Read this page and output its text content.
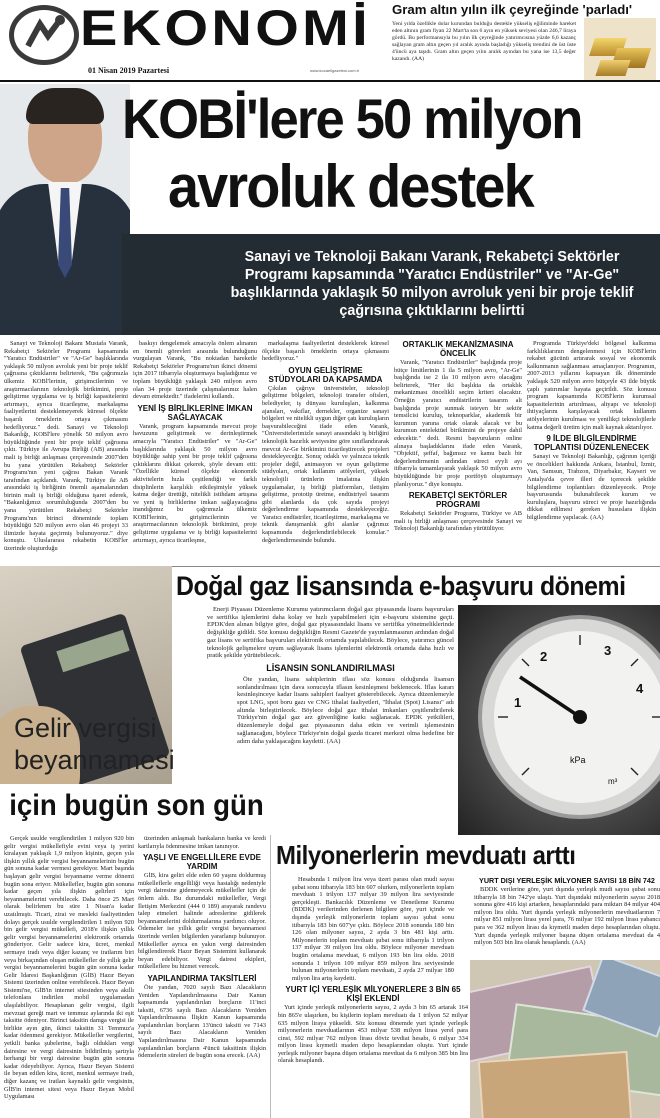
EKONOMİ
01 Nisan 2019 Pazartesi	www.kocaeligazetesi.com.tr
Gram altın yılın ilk çeyreğinde 'parladı'
Yeni yılda özellikle dolar kurundan bulduğu destekle yükseliş eğiliminde hareket eden altının gram fiyatı 22 Mart'ta son 6 ayın en yüksek seviyesi olan 246,7 liraya gördü. Bu performansıyla bu yılın ilk çeyreğinde yatırımcısına yüzde 6,6 kazanç sağlayan gram altın geçen yıl aralık ayında başladığı yükseliş trendini de üst üste 4'üncü aya taşıdı. Gram altın geçen yılın aralık ayından bu yana ise 13,5 değer kazandı. (AA)
KOBİ'lere 50 milyon
avroluk destek
Sanayi ve Teknoloji Bakanı Varank, Rekabetçi Sektörler Programı kapsamında "Yaratıcı Endüstriler" ve "Ar-Ge" başlıklarında yaklaşık 50 milyon avroluk yeni bir proje teklif çağrısına çıktıklarını belirtti

Sanayi ve Teknoloji Bakanı Mustafa Varank, Rekabetçi Sektörler Programı kapsamında "Yaratıcı Endüstriler" ve "Ar-Ge" başlıklarında yaklaşık 50 milyon avroluk yeni bir proje teklif çağrısına çıktıklarını belirterek, "Bu çağrımızla ülkemiz KOBİ'lerinin, girişimcilerinin ve araştırmacılarının teknolojik birikimini, proje geliştirme uygulama ve iş birliği kapasitelerini artırmayı, ayrıca ticarileşme, markalaşma faaliyetlerini desteklemeyerek küresel ölçekte başarılı örneklerin ortaya çıkmasını hedefliyoruz." dedi. Sanayi ve Teknoloji Bakanlığı, KOBİ'lere yönelik 50 milyon avro büyüklüğünde yeni bir proje teklif çağrısına çıktı. Türkiye ile Avrupa Birliği (AB) arasında mali iş birliği anlaşması çerçevesinde 2007'den bu yana yürütülen Rekabetçi Sektörler Programı'nın yeni çağrısı Bakan Varank tarafından açıklandı. Varank, Türkiye ile AB arasındaki iş birliğinin önemli aşamalarından birinin mali iş birliği olduğuna işaret ederek, "Bakanlığımız sorumluluğunda 2007'den bu yana yürütülen Rekabetçi Sektörler Programı'nın birinci döneminde toplam büyüklüğü 520 milyon avro olan 46 projeyi 33 ilimizde hayata geçirmiş bulunuyoruz." diye konuştu. Uluslararası rekabetin KOBİ'ler üzerinde oluşturduğu

baskıyı dengelemek amacıyla önlem alınanın en önemli görevleri arasında bulunduğunu vurgulayan Varank, "Bu noktadan hareketle Rekabetçi Sektörler Programı'nın ikinci dönemi için 2017 itibarıyla oluşturmaya başladığımız ve toplam büyüklüğü yaklaşık 240 milyon avro olan 34 proje üzerinde çalışmalarımız halen devam etmektedir." ifadelerini kullandı.

YENİ İŞ BİRLİKLERİNE İMKAN SAĞLAYACAK

Varank, program kapsamında mevcut proje havuzunu geliştirmek ve derinleştirmek amacıyla "Yaratıcı Endüstriler" ve "Ar-Ge" başlıklarında yaklaşık 50 milyon avro büyüklüğe sahip yeni bir proje teklif çağrısına çıktıklarını dikkat çekerek, şöyle devam etti: "Özellikle küresel ölçekte ekonomik aktivitelerin hızla çeşitlendiği ve farklı disiplinlerin karşılıklı etkileşimiyle yüksek katma değer ürettiği, nitelikli istihdam artışına ve yeni iş birliklerine imkan sağlayacağına inandığımız bu çağrımızla ülkemiz KOBİ'lerinin, girişimcilerinin ve araştırmacılarının teknolojik birikimini, proje geliştirme uygulama ve iş birliği kapasitelerini artırmayı, ayrıca ticarileşme,

markalaşma faaliyetlerini desteklerek küresel ölçekte başarılı örneklerin ortaya çıkmasını hedefliyoruz."

OYUN GELİŞTİRME STÜDYOLARI DA KAPSAMDA

Çıkılan çağrıya üniversiteler, teknoloji geliştirme bölgeleri, teknoloji transfer ofisleri, belediyeler, iş dünyası kuruluşları, kalkınma ajansları, vakıflar, dernekler, organize sanayi bölgeleri ve nitelikli uygun diğer çatı kuruluşların başvurabileceğini ifade eden Varank, "Üniversitelerimizle sanayi arasındaki iş birliğini teknolojik hazırlık seviyesine göre sınıflandırarak mevcut Ar-Ge birikimini ticarileştirecek projeleri destekleyeceğiz. Sonuç odaklı ve yalnızca teknik projeler değil, animasyon ve oyun geliştirme stüdyoları, ortak kullanım atölyeleri, yüksek teknolojili ürünlerin imalatına ilişkin uygulamalar, iş birliği platformları, iletişim geliştirme, prototip üretme, endüstriyel tasarım gibi alanlarda da çok sayıda projeyi değerlendirme kapsamında destekleyeceğiz. Yaratıcı endüstriler, ticarileştirme, markalaşma ve teknik danışmanlık gibi alanlar çağrımız kapsamında değerlendirilebilecek konular." değerlendirmesinde bulundu.

ORTAKLIK MEKANİZMASINA ÖNCELİK

Varank, "Yaratıcı Endüstriler" başlığında proje bütçe limitlerinin 1 ila 5 milyon avro, "Ar-Ge" başlığında ise 2 ila 10 milyon avro olacağını belirterek, "Her iki başlıkta da ortaklık mekanizması öncelikli seçim kriteri olacaktır. Örneğin yaratıcı endüstrilerin tasarım alt başlığında proje sunmak isteyen bir sektör temsilcisi kuruluş, teknoparklar, akademik bir kurumun yanına ortak olarak alacak ve bu kurumun entelektüel birikimini de projeye dahil edecektir." dedi. Resmi başvuruların online alınaya başladıklarını ifade eden Varank, "Objektif, şeffaf, bağımsız ve kamu bazlı bir değerlendirmenin ardından süreci eyyli ayı itibarıyla tamamlayarak yaklaşık 50 milyon avro büyüklüğünde bir proje portföyü oluşturmayı planlıyoruz." diye konuştu.

REKABETÇİ SEKTÖRLER PROGRAMI

Rekabetçi Sektörler Programı, Türkiye ve AB mali iş birliği anlaşması çerçevesinde Sanayi ve Teknoloji Bakanlığı tarafından yürütülüyor.

Programda Türkiye'deki bölgesel kalkınma farklılıklarının dengelenmesi için KOBİ'lerin rekabet gücünü artırarak sosyal ve ekonomik kalkınmanın sağlanması amaçlanıyor. Programın, 2007-2013 yıllarını kapsayan ilk döneminde yaklaşık 520 milyon avro bütçeyle 43 ilde büyük çaplı yatırımlar hayata geçirildi. Söz konusu program kapsamında KOBİ'lerin kurumsal kapasitelerinin artırılması, altyapı ve teknoloji ihtiyaçlarını karşılayacak ortak kullanım atölyelerinin kurulması ve yenilikçi teknolojilerle katma değerli üretim için mali kaynak aktarılıyor.

9 İLDE BİLGİLENDİRME TOPLANTISI DÜZENLENECEK

Sanayi ve Teknoloji Bakanlığı, çağrının içeriği ve öncelikleri hakkında Ankara, İstanbul, İzmir, Van, Samsun, Trabzon, Diyarbakır, Kayseri ve Antalya'da çevre illeri de içerecek şekilde bilgilendirme toplantıları düzenleyecek. Proje başvurusunda bulunabilecek kurum ve kuruluşlara, başvuru süreci ve proje hazırlığında dikkat edilmesi gereken hususlara ilişkin bilgilendirme yapılacak. (AA)

Doğal gaz lisansında e-başvuru dönemi

Enerji Piyasası Düzenleme Kurumu yatırımcıların doğal gaz piyasasında lisans başvuruları ve sertifika işlemlerini daha kolay ve hızlı yapabilmeleri için e-başvuru sistemine geçti. EPDK'den alınan bilgiye göre, doğal gaz piyasasındaki lisans ve sertifika yönetmeliklerinde değişikliğe gidildi. Söz konusu değişikliğin Resmi Gazete'de yayımlanmasının ardından doğal gaz lisans ve sertifika başvuruları elektronik ortamda yapılabilecek. Böylece, yatırımcı güncel teknolojik gelişmelere uyum sağlayarak lisans işlemlerini elektronik ortamda daha hızlı ve pratik şekilde yürütebilecek.

LİSANSIN SONLANDIRILMASI

Öte yandan, lisans sahiplerinin iflası söz konusu olduğunda lisansın sonlandırılması için dava sonucuyla iflasın kesinleşmesi beklenecek. İflas kararı kesinleşinceye kadar lisans sahipleri faaliyet gösterebilecek. Ayrıca düzenlemeyle spot LNG, spot boru gazı ve CNG ithalat faaliyetleri, "İthalat (Spot) Lisansı" adı altında birleştirilecek. Böylece doğal gaz ithalat imkanları çeşitlendirilerek Türkiye'nin doğal gaz arz güvenliğine katkı sağlanacak. EPDK yetkilileri, düzenlemeyle doğal gaz piyasasının daha etkin ve verimli işlemesinin sağlanacağını, böylece Türkiye'nin doğal gazda ticaret merkezi olma hedefine bir adım daha yaklaşacağını kaydetti. (AA)

1
2	3
4
kPa
m³
Gelir vergisi
beyannamesi
için bugün son gün

Gerçek usulde vergilendirilen 1 milyon 920 bin gelir vergisi mükellefiyle evini veya iş yerini kiralayan yaklaşık 1,9 milyon kişinin, geçen yıla ilişkin yıllık gelir vergisi beyannamelerinin bugün gün sonuna kadar vermesi gerekiyor. Mart başında başlayan gelir vergisi beyanname verme dönemi bugün sona eriyor. Mükellefler, bugün gün sonuna kadar geçen yıla ilişkin gelirleri için beyannamelerini verebilecek. Daha önce 25 Mart olarak belirlenen bu süre 1 Nisan'a kadar uzatılmıştı. Ticari, zirai ve mesleki faaliyetinden dolayı gerçek usulde vergilendirilen 1 milyon 920 bin gelir vergisi mükellefi, 2018'e ilişkin yıllık gelir vergisi beyannamelerini elektronik ortamda gönderiyor. Gelir sadece kira, ücret, menkul sermaye iradı veya diğer kazanç ve iratlarım biri veya birkaçından oluşan mükellefler de yıllık gelir vergisi beyannamelerini bugün gün sonuna kadar Gelir İdaresi Başkanlığının (GİB) Hazır Beyan Sistemi üzerinden online verebilecek. Hazır Beyan Sistemi'ne, GİB'in internet sitesinden veya akıllı telefonlara indirilen mobil uygulamadan ulaşılabiliyor. Hesaplanan gelir vergisi, ilgili mevzuat gereği mart ve temmuz aylarında iki eşit taksitte ödeniyor. Birinci taksitin damga vergisi ile birlikte ayın gün, ikinci taksitin 31 Temmuz'a kadar ödenmesi gerekiyor. Mükellefler vergilerini, yetkili banka şubelerine, bağlı oldukları vergi dairesine ve vergi dairesinin bildirilmiş şartıyla herhangi bir vergi dairesine bugün gün sonuna kadar ödeyebiliyor. Ayrıca, Hazır Beyan Sistemi ile beyan edilen kira, ücret, menkul sermaye iradı, diğer kazanç ve iratları kaynaklı gelir vergisinin, GİB'in internet sitesi veya Hazır Beyan Mobil Uygulaması

üzerinden anlaşmalı bankaların banka ve kredi kartlarıyla ödenmesine imkan tanınıyor.

YAŞLI VE ENGELLİLERE EVDE YARDIM

GİB, kira geliri elde eden 60 yaşını doldurmuş mükelleflerle engelliliği veya hastalığı nedeniyle vergi dairesine gidemeyecek mükellefler için de önlem aldı. Bu durumdaki mükellefler, Vergi İletişim Merkezini (444 0 189) arayarak randevu talep etmeleri halinde adreslerine gidilerek beyannamelerini doldurmalarına yardımcı oluyor. Ödemeler ise yıllık gelir vergisi beyannamesi üzerinde verilen bilgilerden yararlanıp bulunuyor. Mükellefler ayrıca en yakın vergi dairesinden bilgilendirerek Hazır Beyan Sistemini kullanarak beyan edebiliyor. Vergi dairesi ekipleri, mükelleflere bu hizmet verecek.

YAPILANDIRMA TAKSİTLERİ

Öte yandan, 7020 sayılı Bazı Alacakların Yeniden Yapılandırılmasına Dair Kanun kapsamında yapılandırılan borçların 11'inci taksiti, 6736 sayılı Bazı Alacakların Yeniden Yapılandırılmasına İlişkin Kanun kapsamında yapılandırılan borçların 13'üncü taksiti ve 7143 sayılı Bazı Alacakların Yeniden Yapılandırılmasına Dair Kanun kapsamında yapılandırılan borçların 4'üncü taksitinin ilişkin ödemelerin süreleri de bugün sona erecek. (AA)

Milyonerlerin mevduatı arttı

Hesabında 1 milyon lira veya üzeri parası olan mudi sayısı şubat sonu itibarıyla 183 bin 607 olurken, milyonerlerin toplam mevduatı 1 trilyon 137 milyar 39 milyon lira seviyesinde gerçekleşti. Bankacılık Düzenleme ve Denetleme Kurumu (BDDK) verilerinden derlenen bilgilere göre, yurt içinde ve dışında yerleşik milyonerlerin toplam sayısı şubat sonu itibarıyla 183 bin 607'ye çıktı. Böylece 2018 sonunda 180 bin 126 olan milyoner sayısı, 2 ayda 3 bin 481 kişi arttı. Milyonerlerin toplam mevduatı şubat sonu itibarıyla 1 trilyon 137 milyar 39 milyon lira oldu. Böylece milyoner mevduatı bugün ortalama mevduat, 6 milyon 193 bin lira oldu. 2018 sonunda 1 trilyon 109 milyar 859 milyon lira seviyesinde bulunan milyonerlerin toplam mevduatı, 2 ayda 27 milyar 180 milyon lira artış kaydetti.

YURT İÇİ YERLEŞİK MİLYONERLERE 3 BİN 65 KİŞİ EKLENDİ

Yurt içinde yerleşik milyonerlerin sayısı, 2 ayda 3 bin 65 artarak 164 bin 865'e ulaşırken, bu kişilerin toplam mevduatı da 1 trilyon 52 milyar 635 milyon liraya yükseldi. Söz konusu dönemde yurt içinde yerleşik milyonerlerin mevduatlarının 453 milyar 538 milyon lirası yerel para cinsi, 592 milyar 762 milyon lirası döviz tevdiat hesabı, 6 milyar 334 milyon lirası kıymetli maden depo hesaplarından oluştu. Yurt içinde yerleşik milyoner başına düşen ortalama mevduat da 6 milyon 385 bin lira olarak hesaplandı.

YURT DIŞI YERLEŞİK MİLYONER SAYISI 18 BİN 742

BDDK verilerine göre, yurt dışında yerleşik mudi sayısı şubat sonu itibarıyla 18 bin 742'ye ulaştı. Yurt dışındaki milyonerlerin sayısı 2018 sonuna göre 416 kişi artarken, hesaplarındaki para miktarı 84 milyar 404 milyon lira oldu. Yurt dışında yerleşik milyonerlerin mevduatlarının 7 milyar 851 milyon lirası yerel para, 76 milyar 192 milyon lirası yabancı para ve 362 milyon lirası da kıymetli maden depo hesaplarından oluştu. Yurt dışında yerleşik milyoner başına düşen ortalama mevduat da 4 milyon 503 bin lira olarak hesaplandı. (AA)
